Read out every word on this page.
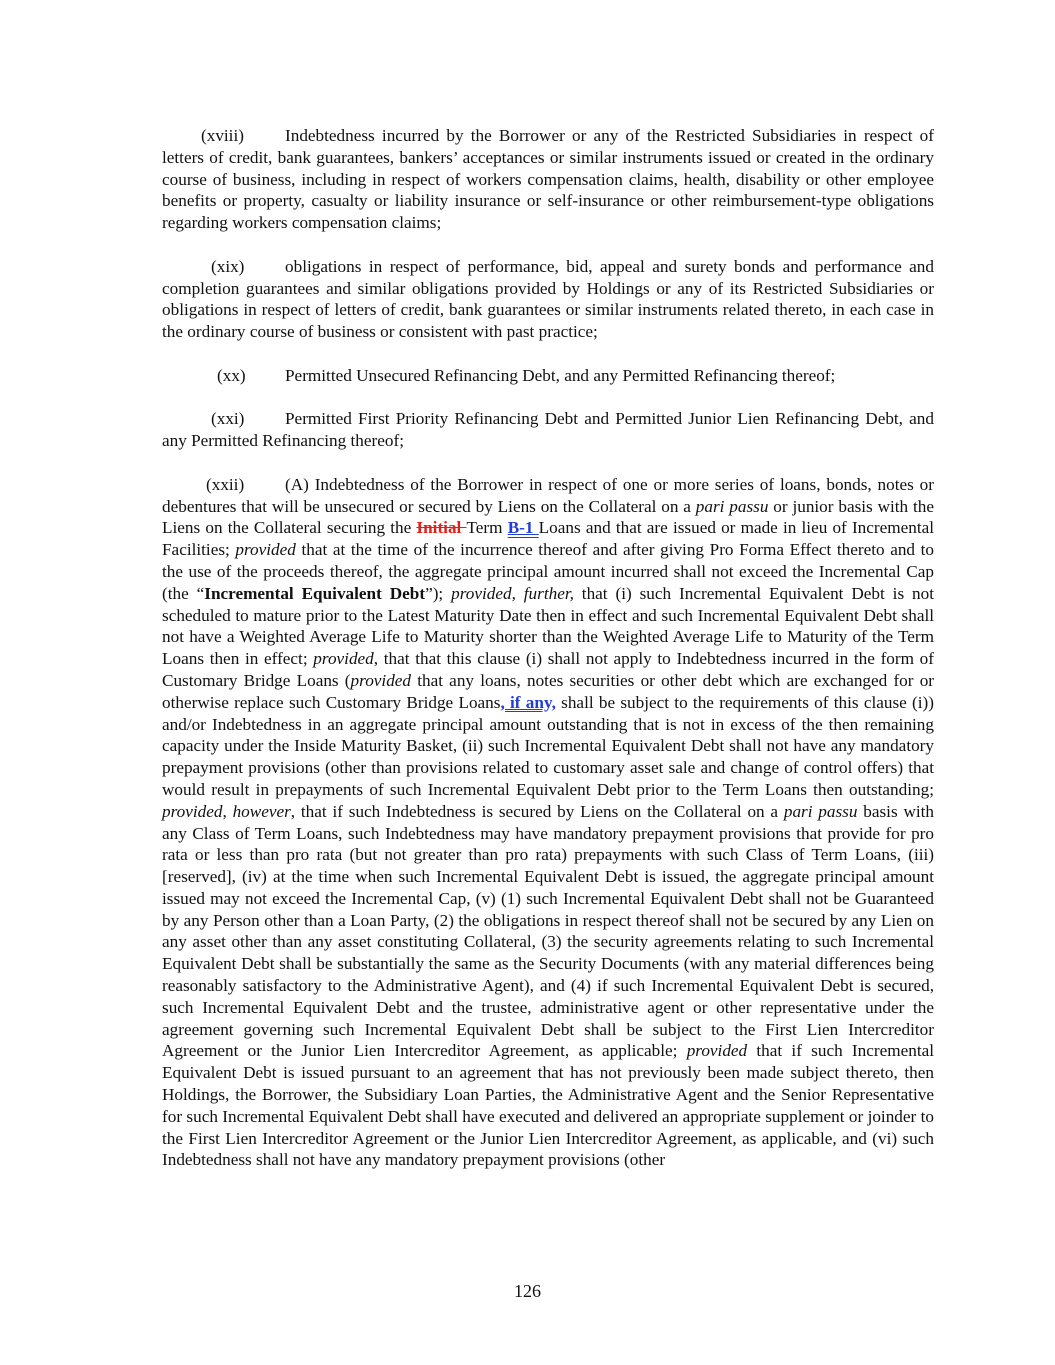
(xviii) Indebtedness incurred by the Borrower or any of the Restricted Subsidiaries in respect of letters of credit, bank guarantees, bankers’ acceptances or similar instruments issued or created in the ordinary course of business, including in respect of workers compensation claims, health, disability or other employee benefits or property, casualty or liability insurance or self-insurance or other reimbursement-type obligations regarding workers compensation claims;

(xix) obligations in respect of performance, bid, appeal and surety bonds and performance and completion guarantees and similar obligations provided by Holdings or any of its Restricted Subsidiaries or obligations in respect of letters of credit, bank guarantees or similar instruments related thereto, in each case in the ordinary course of business or consistent with past practice;

(xx) Permitted Unsecured Refinancing Debt, and any Permitted Refinancing thereof;

(xxi) Permitted First Priority Refinancing Debt and Permitted Junior Lien Refinancing Debt, and any Permitted Refinancing thereof;

(xxii) (A) Indebtedness of the Borrower in respect of one or more series of loans, bonds, notes or debentures that will be unsecured or secured by Liens on the Collateral on a pari passu or junior basis with the Liens on the Collateral securing the Initial Term B-1 Loans and that are issued or made in lieu of Incremental Facilities; provided that at the time of the incurrence thereof and after giving Pro Forma Effect thereto and to the use of the proceeds thereof, the aggregate principal amount incurred shall not exceed the Incremental Cap (the “Incremental Equivalent Debt”); provided, further, that (i) such Incremental Equivalent Debt is not scheduled to mature prior to the Latest Maturity Date then in effect and such Incremental Equivalent Debt shall not have a Weighted Average Life to Maturity shorter than the Weighted Average Life to Maturity of the Term Loans then in effect; provided, that that this clause (i) shall not apply to Indebtedness incurred in the form of Customary Bridge Loans (provided that any loans, notes securities or other debt which are exchanged for or otherwise replace such Customary Bridge Loans, if any, shall be subject to the requirements of this clause (i)) and/or Indebtedness in an aggregate principal amount outstanding that is not in excess of the then remaining capacity under the Inside Maturity Basket, (ii) such Incremental Equivalent Debt shall not have any mandatory prepayment provisions (other than provisions related to customary asset sale and change of control offers) that would result in prepayments of such Incremental Equivalent Debt prior to the Term Loans then outstanding; provided, however, that if such Indebtedness is secured by Liens on the Collateral on a pari passu basis with any Class of Term Loans, such Indebtedness may have mandatory prepayment provisions that provide for pro rata or less than pro rata (but not greater than pro rata) prepayments with such Class of Term Loans, (iii) [reserved], (iv) at the time when such Incremental Equivalent Debt is issued, the aggregate principal amount issued may not exceed the Incremental Cap, (v) (1) such Incremental Equivalent Debt shall not be Guaranteed by any Person other than a Loan Party, (2) the obligations in respect thereof shall not be secured by any Lien on any asset other than any asset constituting Collateral, (3) the security agreements relating to such Incremental Equivalent Debt shall be substantially the same as the Security Documents (with any material differences being reasonably satisfactory to the Administrative Agent), and (4) if such Incremental Equivalent Debt is secured, such Incremental Equivalent Debt and the trustee, administrative agent or other representative under the agreement governing such Incremental Equivalent Debt shall be subject to the First Lien Intercreditor Agreement or the Junior Lien Intercreditor Agreement, as applicable; provided that if such Incremental Equivalent Debt is issued pursuant to an agreement that has not previously been made subject thereto, then Holdings, the Borrower, the Subsidiary Loan Parties, the Administrative Agent and the Senior Representative for such Incremental Equivalent Debt shall have executed and delivered an appropriate supplement or joinder to the First Lien Intercreditor Agreement or the Junior Lien Intercreditor Agreement, as applicable, and (vi) such Indebtedness shall not have any mandatory prepayment provisions (other

126
